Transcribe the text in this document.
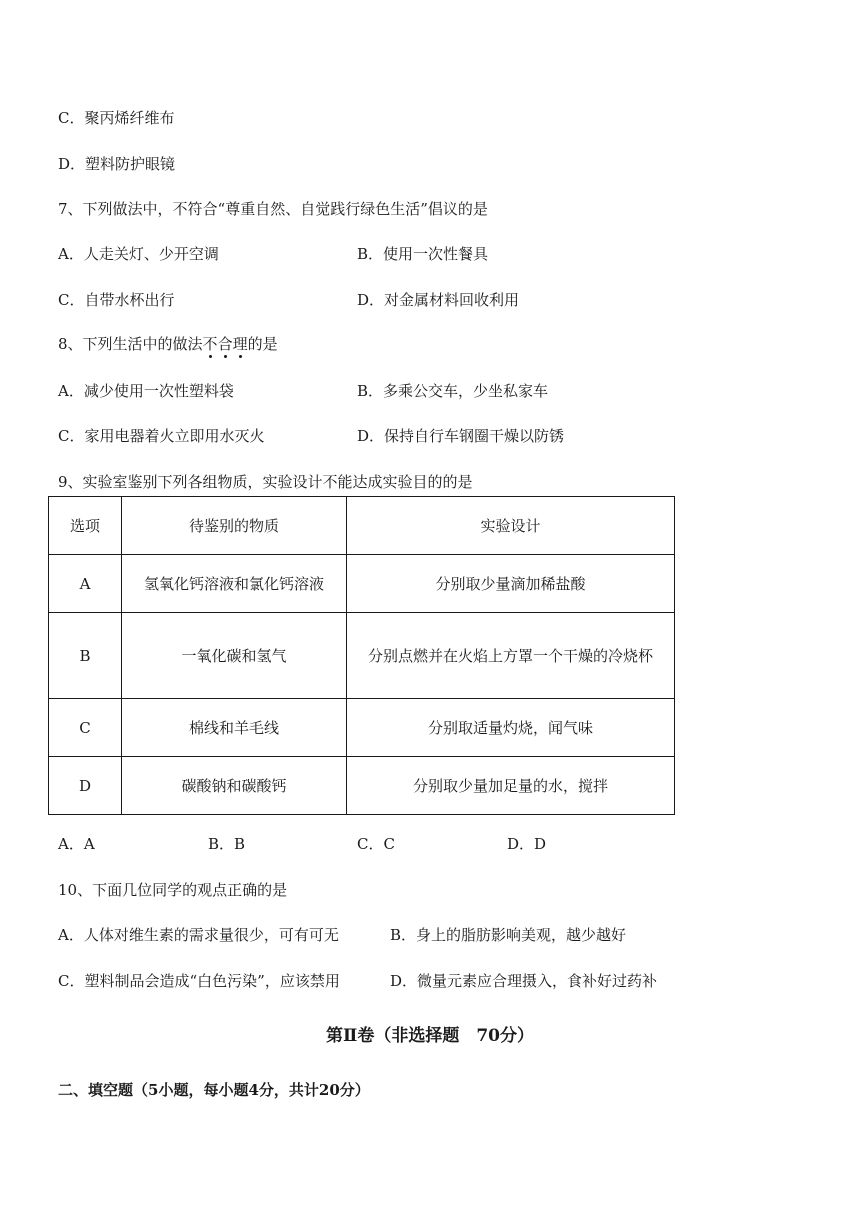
C．聚丙烯纤维布
D．塑料防护眼镜
7、下列做法中，不符合“尊重自然、自觉践行绿色生活”倡议的是
A．人走关灯、少开空调	B．使用一次性餐具
C．自带水杯出行	D．对金属材料回收利用
8、下列生活中的做法不合理的是
A．减少使用一次性塑料袋	B．多乘公交车，少坐私家车
C．家用电器着火立即用水灭火	D．保持自行车钢圈干燥以防锈
9、实验室鉴别下列各组物质，实验设计不能达成实验目的的是
选项	待鉴别的物质	实验设计
A	氢氧化钙溶液和氯化钙溶液	分别取少量滴加稀盐酸
B	一氧化碳和氢气	分别点燃并在火焰上方罩一个干燥的冷烧杯
C	棉线和羊毛线	分别取适量灼烧，闻气味
D	碳酸钠和碳酸钙	分别取少量加足量的水，搅拌
A．A	B．B	C．C	D．D
10、下面几位同学的观点正确的是
A．人体对维生素的需求量很少，可有可无	B．身上的脂肪影响美观，越少越好
C．塑料制品会造成“白色污染”，应该禁用	D．微量元素应合理摄入，食补好过药补
第Ⅱ卷（非选择题　70分）
二、填空题（5小题，每小题4分，共计20分）
